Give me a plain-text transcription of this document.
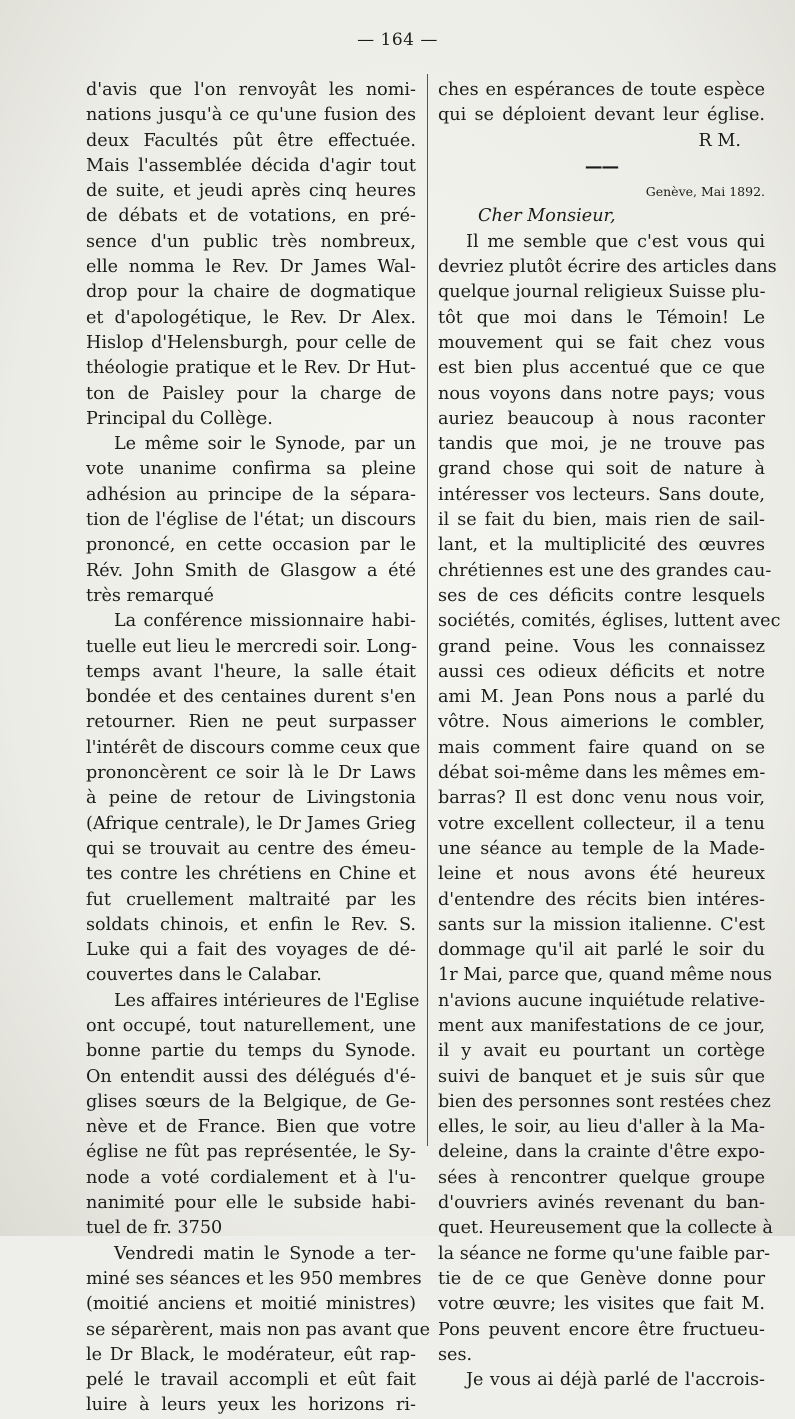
— 164 —
d'avis que l'on renvoyât les nomi-
nations jusqu'à ce qu'une fusion des
deux Facultés pût être effectuée.
Mais l'assemblée décida d'agir tout
de suite, et jeudi après cinq heures
de débats et de votations, en pré-
sence d'un public très nombreux,
elle nomma le Rev. Dr James Wal-
drop pour la chaire de dogmatique
et d'apologétique, le Rev. Dr Alex.
Hislop d'Helensburgh, pour celle de
théologie pratique et le Rev. Dr Hut-
ton de Paisley pour la charge de
Principal du Collège.
Le même soir le Synode, par un
vote unanime confirma sa pleine
adhésion au principe de la sépara-
tion de l'église de l'état; un discours
prononcé, en cette occasion par le
Rév. John Smith de Glasgow a été
très remarqué
La conférence missionnaire habi-
tuelle eut lieu le mercredi soir. Long-
temps avant l'heure, la salle était
bondée et des centaines durent s'en
retourner. Rien ne peut surpasser
l'intérêt de discours comme ceux que
prononcèrent ce soir là le Dr Laws
à peine de retour de Livingstonia
(Afrique centrale), le Dr James Grieg
qui se trouvait au centre des émeu-
tes contre les chrétiens en Chine et
fut cruellement maltraité par les
soldats chinois, et enfin le Rev. S.
Luke qui a fait des voyages de dé-
couvertes dans le Calabar.
Les affaires intérieures de l'Eglise
ont occupé, tout naturellement, une
bonne partie du temps du Synode.
On entendit aussi des délégués d'é-
glises sœurs de la Belgique, de Ge-
nève et de France. Bien que votre
église ne fût pas représentée, le Sy-
node a voté cordialement et à l'u-
nanimité pour elle le subside habi-
tuel de fr. 3750
Vendredi matin le Synode a ter-
miné ses séances et les 950 membres
(moitié anciens et moitié ministres)
se séparèrent, mais non pas avant que
le Dr Black, le modérateur, eût rap-
pelé le travail accompli et eût fait
luire à leurs yeux les horizons ri-
ches en espérances de toute espèce
qui se déploient devant leur église.
R M.
——
Genève, Mai 1892.
Cher Monsieur,
Il me semble que c'est vous qui
devriez plutôt écrire des articles dans
quelque journal religieux Suisse plu-
tôt que moi dans le Témoin! Le
mouvement qui se fait chez vous
est bien plus accentué que ce que
nous voyons dans notre pays; vous
auriez beaucoup à nous raconter
tandis que moi, je ne trouve pas
grand chose qui soit de nature à
intéresser vos lecteurs. Sans doute,
il se fait du bien, mais rien de sail-
lant, et la multiplicité des œuvres
chrétiennes est une des grandes cau-
ses de ces déficits contre lesquels
sociétés, comités, églises, luttent avec
grand peine. Vous les connaissez
aussi ces odieux déficits et notre
ami M. Jean Pons nous a parlé du
vôtre. Nous aimerions le combler,
mais comment faire quand on se
débat soi-même dans les mêmes em-
barras? Il est donc venu nous voir,
votre excellent collecteur, il a tenu
une séance au temple de la Made-
leine et nous avons été heureux
d'entendre des récits bien intéres-
sants sur la mission italienne. C'est
dommage qu'il ait parlé le soir du
1r Mai, parce que, quand même nous
n'avions aucune inquiétude relative-
ment aux manifestations de ce jour,
il y avait eu pourtant un cortège
suivi de banquet et je suis sûr que
bien des personnes sont restées chez
elles, le soir, au lieu d'aller à la Ma-
deleine, dans la crainte d'être expo-
sées à rencontrer quelque groupe
d'ouvriers avinés revenant du ban-
quet. Heureusement que la collecte à
la séance ne forme qu'une faible par-
tie de ce que Genève donne pour
votre œuvre; les visites que fait M.
Pons peuvent encore être fructueu-
ses.
Je vous ai déjà parlé de l'accrois-
